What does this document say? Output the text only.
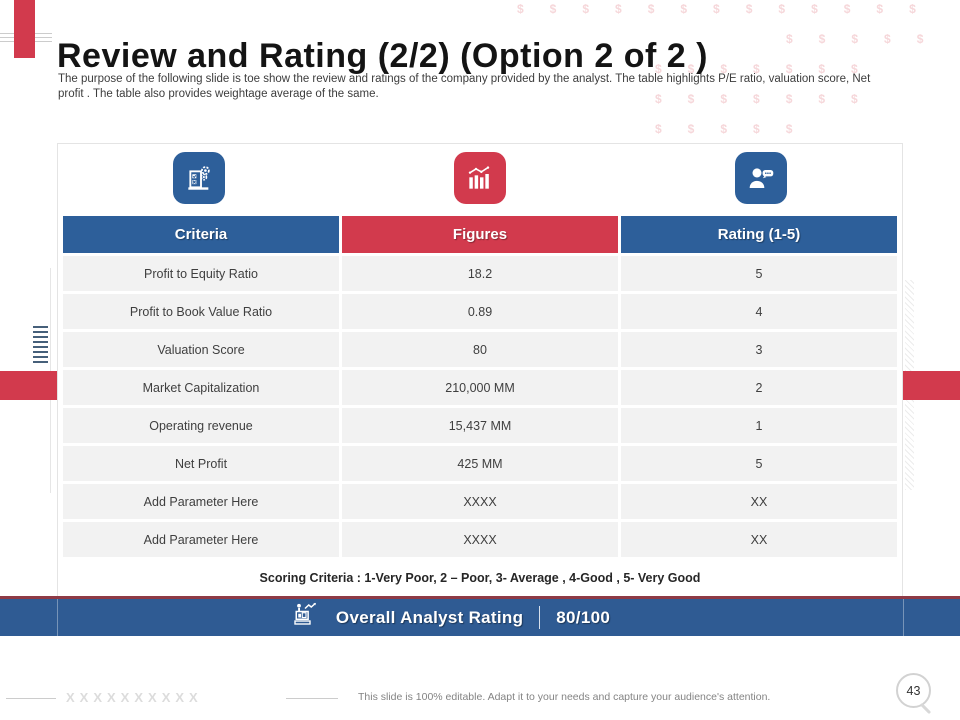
$$$$$$$$$$$$$
$$$$$
$$$$$$$
$$$$$$$
$$$$$
Review and Rating (2/2) (Option 2 of 2 )

The purpose of the following slide is toe show the review and ratings of the company provided by the analyst. The table highlights P/E ratio, valuation score, Net profit . The table also provides weightage average of the same.

Criteria	Figures	Rating (1-5)
Profit to Equity Ratio	18.2	5
Profit to Book Value Ratio	0.89	4
Valuation Score	80	3
Market Capitalization	210,000 MM	2
Operating revenue	15,437 MM	1
Net Profit	425 MM	5
Add Parameter Here	XXXX	XX
Add Parameter Here	XXXX	XX
Scoring Criteria : 1-Very Poor, 2 – Poor, 3- Average , 4-Good , 5- Very Good
Overall Analyst Rating 80/100
XXXXXXXXXX	This slide is 100% editable. Adapt it to your needs and capture your audience's attention.	43
